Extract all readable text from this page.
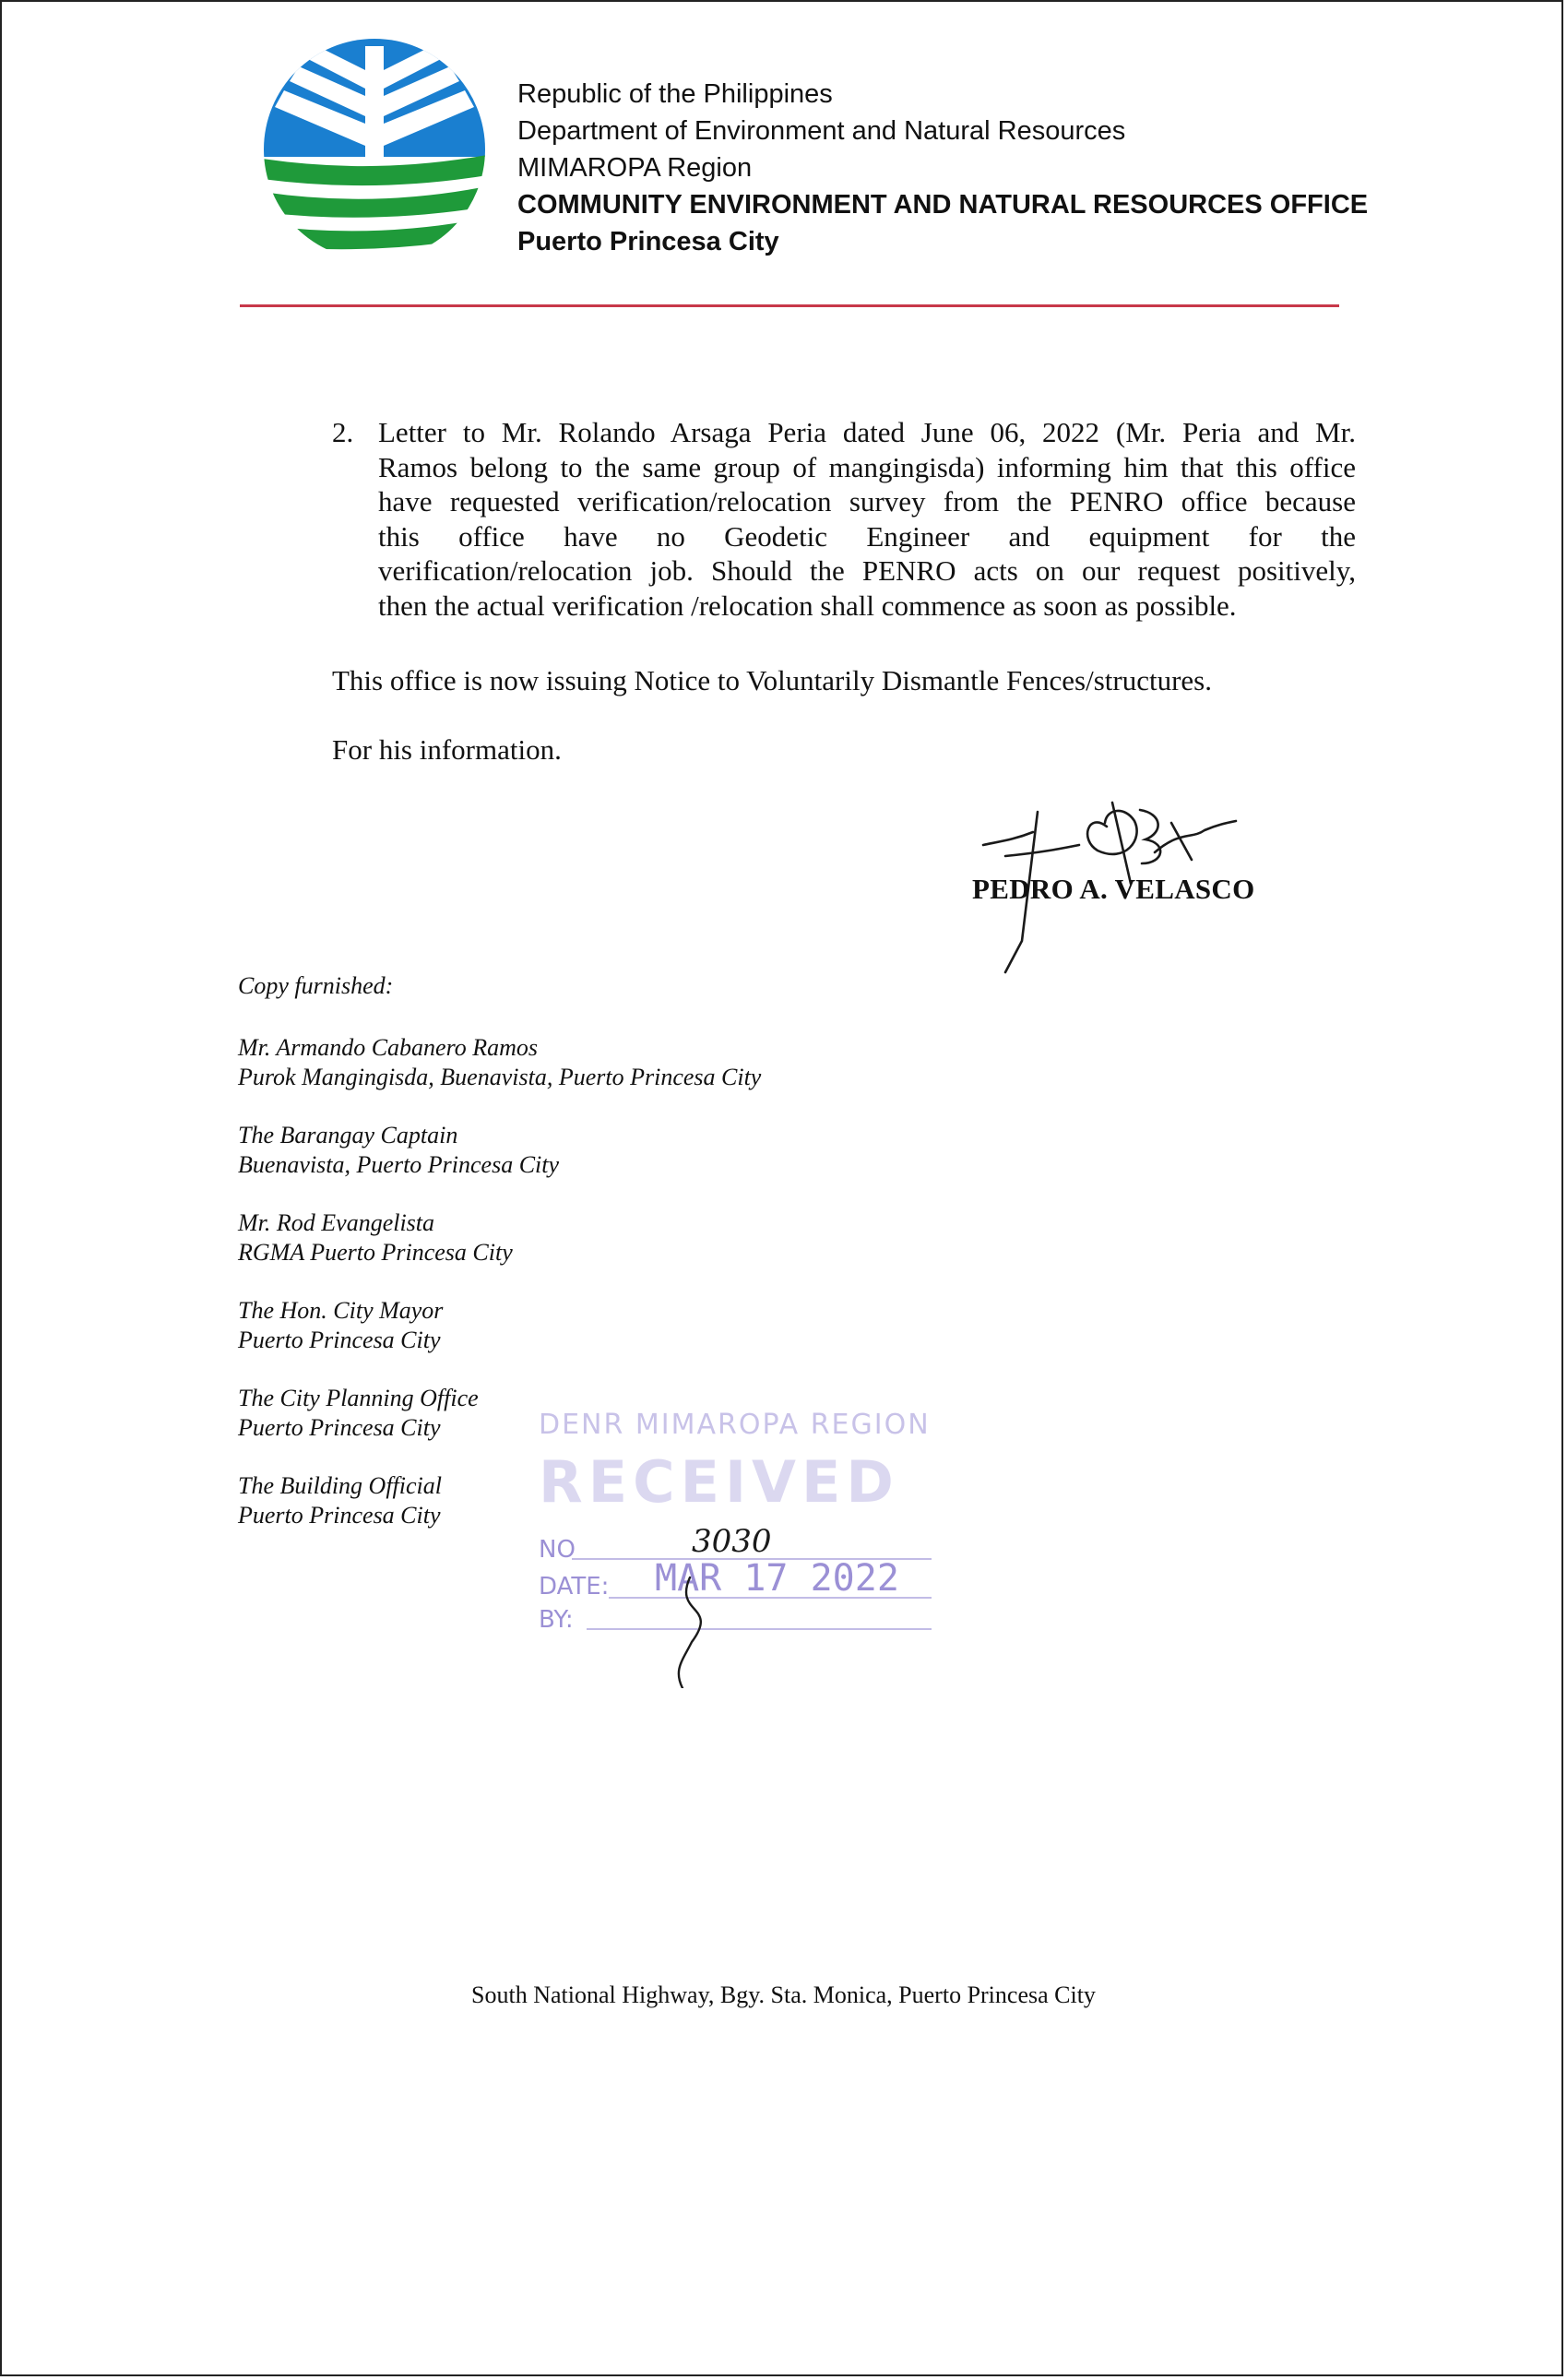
Republic of the Philippines
Department of Environment and Natural Resources
MIMAROPA Region
COMMUNITY ENVIRONMENT AND NATURAL RESOURCES OFFICE
Puerto Princesa City
2. Letter to Mr. Rolando Arsaga Peria dated June 06, 2022 (Mr. Peria and Mr.
Ramos belong to the same group of mangingisda) informing him that this office
have requested verification/relocation survey from the PENRO office because
this office have no Geodetic Engineer and equipment for the
verification/relocation job. Should the PENRO acts on our request positively,
then the actual verification /relocation shall commence as soon as possible.
This office is now issuing Notice to Voluntarily Dismantle Fences/structures.
For his information.
PEDRO A. VELASCO
Copy furnished:
Mr. Armando Cabanero Ramos
Purok Mangingisda, Buenavista, Puerto Princesa City
The Barangay Captain
Buenavista, Puerto Princesa City
Mr. Rod Evangelista
RGMA Puerto Princesa City
The Hon. City Mayor
Puerto Princesa City
The City Planning Office
Puerto Princesa City
The Building Official
Puerto Princesa City
DENR MIMAROPA REGION
RECEIVED
NO
DATE: MAR 17 2022
BY:
3030
South National Highway, Bgy. Sta. Monica, Puerto Princesa City
